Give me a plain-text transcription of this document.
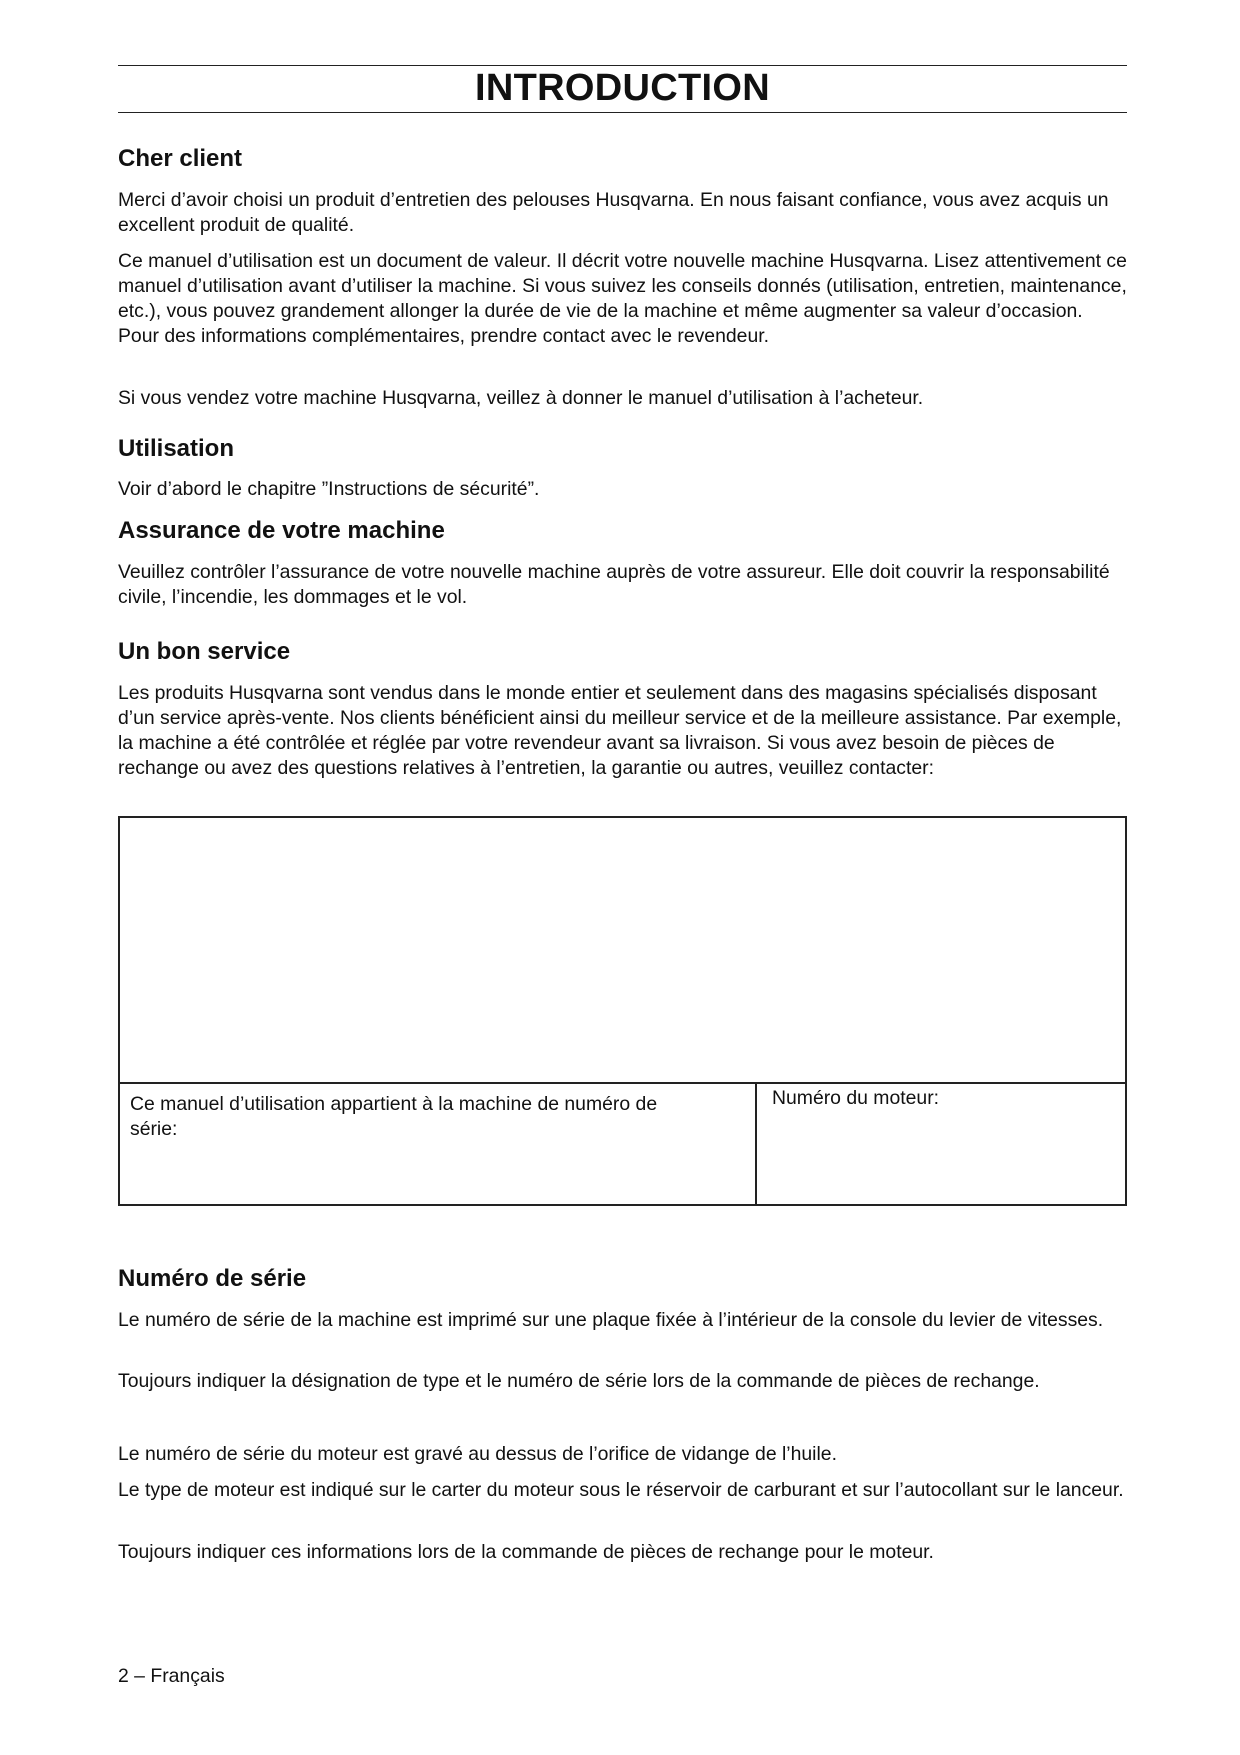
INTRODUCTION
Cher client
Merci d’avoir choisi un produit d’entretien des pelouses Husqvarna. En nous faisant confiance, vous avez acquis un excellent produit de qualité.
Ce manuel d’utilisation est un document de valeur. Il décrit votre nouvelle machine Husqvarna. Lisez attentivement ce manuel d’utilisation avant d’utiliser la machine. Si vous suivez les conseils donnés (utilisation, entretien, maintenance, etc.), vous pouvez grandement allonger la durée de vie de la machine et même augmenter sa valeur d’occasion. Pour des informations complémentaires, prendre contact avec le revendeur.
Si vous vendez votre machine Husqvarna, veillez à donner le manuel d’utilisation à l’acheteur.
Utilisation
Voir d’abord le chapitre ”Instructions de sécurité”.
Assurance de votre machine
Veuillez contrôler l’assurance de votre nouvelle machine auprès de votre assureur. Elle doit couvrir la responsabilité civile, l’incendie, les dommages et le vol.
Un bon service
Les produits Husqvarna sont vendus dans le monde entier et seulement dans des magasins spécialisés disposant d’un service après-vente. Nos clients bénéficient ainsi du meilleur service et de la meilleure assistance. Par exemple, la machine a été contrôlée et réglée par votre revendeur avant sa livraison. Si vous avez besoin de pièces de rechange ou avez des questions relatives à l’entretien, la garantie ou autres, veuillez contacter:
Ce manuel d’utilisation appartient à la machine de numéro de série:
Numéro du moteur:
Numéro de série
Le numéro de série de la machine est imprimé sur une plaque fixée à l’intérieur de la console du levier de vitesses.
Toujours indiquer la désignation de type et le numéro de série lors de la commande de pièces de rechange.
Le numéro de série du moteur est gravé au dessus de l’orifice de vidange de l’huile.
Le type de moteur est indiqué sur le carter du moteur sous le réservoir de carburant et sur l’autocollant sur le lanceur.
Toujours indiquer ces informations lors de la commande de pièces de rechange pour le moteur.
2 – Français
